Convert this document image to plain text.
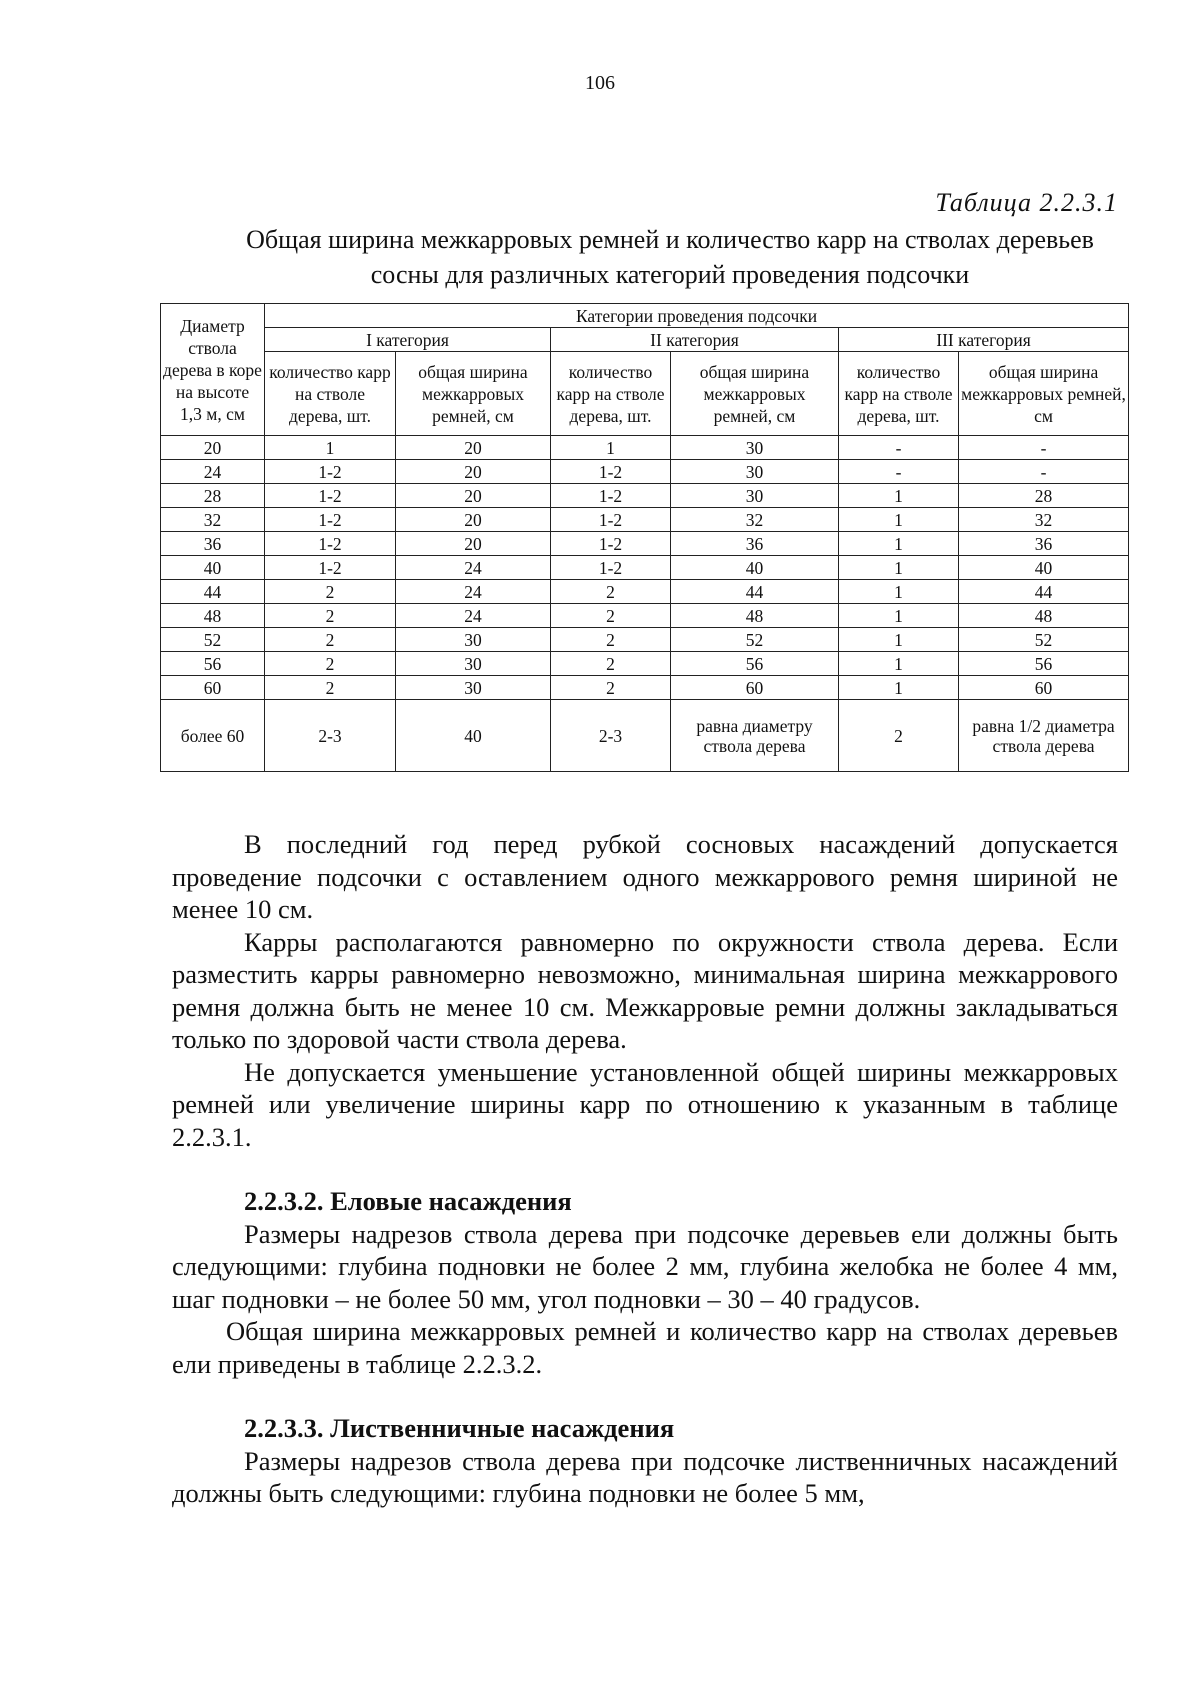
106
Таблица 2.2.3.1
Общая ширина межкарровых ремней и количество карр на стволах деревьев сосны для различных категорий проведения подсочки
Диаметр ствола дерева в коре на высоте 1,3 м, см	Категории проведения подсочки					
	I категория		II категория		III категория	
	количество карр на стволе дерева, шт.	общая ширина межкарровых ремней, см	количество карр на стволе дерева, шт.	общая ширина межкарровых ремней, см	количество карр на стволе дерева, шт.	общая ширина межкарровых ремней, см
20	1	20	1	30	-	-
24	1-2	20	1-2	30	-	-
28	1-2	20	1-2	30	1	28
32	1-2	20	1-2	32	1	32
36	1-2	20	1-2	36	1	36
40	1-2	24	1-2	40	1	40
44	2	24	2	44	1	44
48	2	24	2	48	1	48
52	2	30	2	52	1	52
56	2	30	2	56	1	56
60	2	30	2	60	1	60
более 60	2-3	40	2-3	равна диаметру ствола дерева	2	равна 1/2 диаметра ствола дерева

В последний год перед рубкой сосновых насаждений допускается проведение подсочки с оставлением одного межкаррового ремня шириной не менее 10 см.

Карры располагаются равномерно по окружности ствола дерева. Если разместить карры равномерно невозможно, минимальная ширина межкаррового ремня должна быть не менее 10 см. Межкарровые ремни должны закладываться только по здоровой части ствола дерева.

Не допускается уменьшение установленной общей ширины межкарровых ремней или увеличение ширины карр по отношению к указанным в таблице 2.2.3.1.

2.2.3.2. Еловые насаждения

Размеры надрезов ствола дерева при подсочке деревьев ели должны быть следующими: глубина подновки не более 2 мм, глубина желобка не более 4 мм, шаг подновки – не более 50 мм, угол подновки – 30 – 40 градусов.

Общая ширина межкарровых ремней и количество карр на стволах деревьев ели приведены в таблице 2.2.3.2.

2.2.3.3. Лиственничные насаждения

Размеры надрезов ствола дерева при подсочке лиственничных насаждений должны быть следующими: глубина подновки не более 5 мм,
